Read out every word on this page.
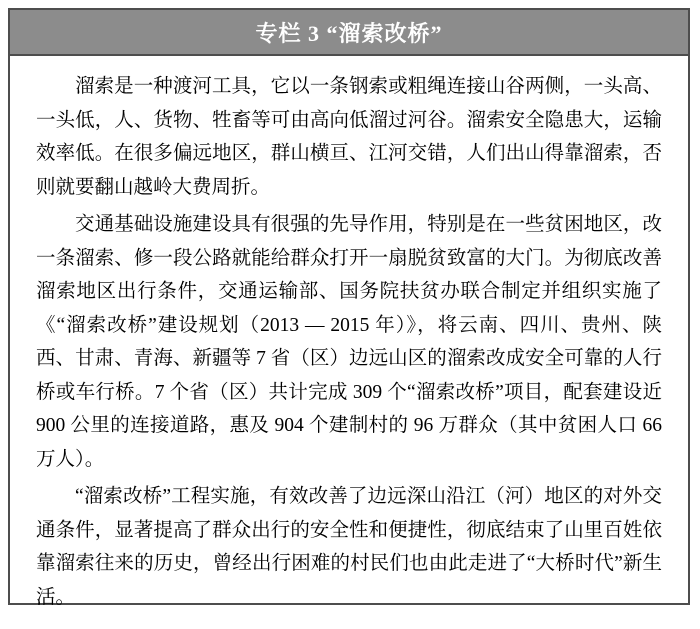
专栏 3 “溜索改桥”

溜索是一种渡河工具，它以一条钢索或粗绳连接山谷两侧，一头高、一头低，人、货物、牲畜等可由高向低溜过河谷。溜索安全隐患大，运输效率低。在很多偏远地区，群山横亘、江河交错，人们出山得靠溜索，否则就要翻山越岭大费周折。

交通基础设施建设具有很强的先导作用，特别是在一些贫困地区，改一条溜索、修一段公路就能给群众打开一扇脱贫致富的大门。为彻底改善溜索地区出行条件，交通运输部、国务院扶贫办联合制定并组织实施了《“溜索改桥”建设规划（2013 — 2015 年）》，将云南、四川、贵州、陕西、甘肃、青海、新疆等 7 省（区）边远山区的溜索改成安全可靠的人行桥或车行桥。7 个省（区）共计完成 309 个“溜索改桥”项目，配套建设近 900 公里的连接道路，惠及 904 个建制村的 96 万群众（其中贫困人口 66 万人）。

“溜索改桥”工程实施，有效改善了边远深山沿江（河）地区的对外交通条件，显著提高了群众出行的安全性和便捷性，彻底结束了山里百姓依靠溜索往来的历史，曾经出行困难的村民们也由此走进了“大桥时代”新生活。
